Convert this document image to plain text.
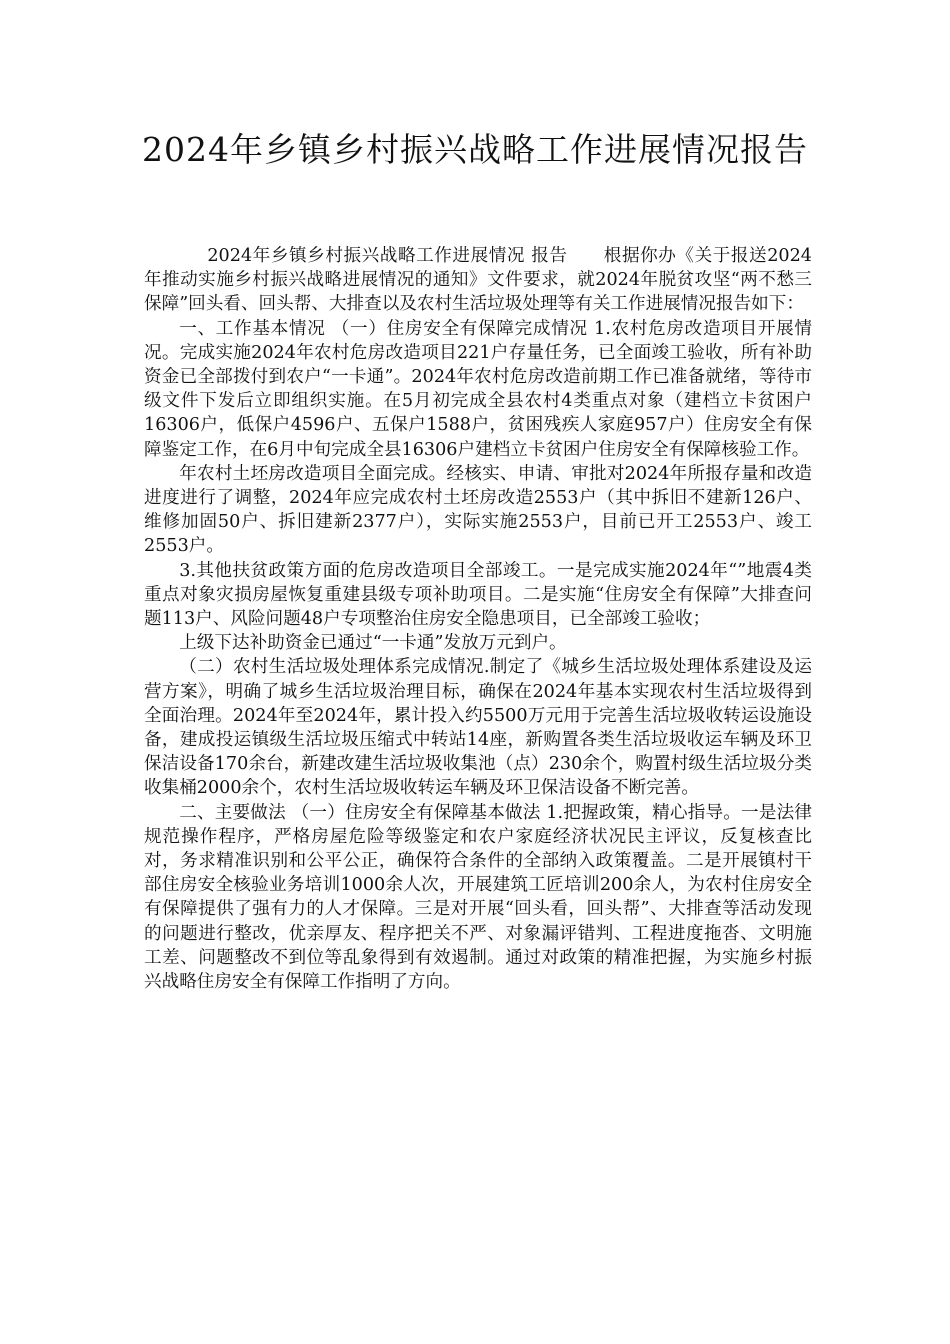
2024年乡镇乡村振兴战略工作进展情况报告

2024年乡镇乡村振兴战略工作进展情况 报告　　根据你办《关于报送2024年推动实施乡村振兴战略进展情况的通知》文件要求，就2024年脱贫攻坚“两不愁三保障”回头看、回头帮、大排查以及农村生活垃圾处理等有关工作进展情况报告如下：

一、工作基本情况 （一）住房安全有保障完成情况 1.农村危房改造项目开展情况。完成实施2024年农村危房改造项目221户存量任务，已全面竣工验收，所有补助资金已全部拨付到农户“一卡通”。2024年农村危房改造前期工作已准备就绪，等待市级文件下发后立即组织实施。在5月初完成全县农村4类重点对象（建档立卡贫困户16306户，低保户4596户、五保户1588户，贫困残疾人家庭957户）住房安全有保障鉴定工作，在6月中旬完成全县16306户建档立卡贫困户住房安全有保障核验工作。

年农村土坯房改造项目全面完成。经核实、申请、审批对2024年所报存量和改造进度进行了调整，2024年应完成农村土坯房改造2553户（其中拆旧不建新126户、维修加固50户、拆旧建新2377户），实际实施2553户，目前已开工2553户、竣工2553户。

3.其他扶贫政策方面的危房改造项目全部竣工。一是完成实施2024年“”地震4类重点对象灾损房屋恢复重建县级专项补助项目。二是实施“住房安全有保障”大排查问题113户、风险问题48户专项整治住房安全隐患项目，已全部竣工验收；

上级下达补助资金已通过“一卡通”发放万元到户。

（二）农村生活垃圾处理体系完成情况.制定了《城乡生活垃圾处理体系建设及运营方案》，明确了城乡生活垃圾治理目标，确保在2024年基本实现农村生活垃圾得到全面治理。2024年至2024年，累计投入约5500万元用于完善生活垃圾收转运设施设备，建成投运镇级生活垃圾压缩式中转站14座，新购置各类生活垃圾收运车辆及环卫保洁设备170余台，新建改建生活垃圾收集池（点）230余个，购置村级生活垃圾分类收集桶2000余个，农村生活垃圾收转运车辆及环卫保洁设备不断完善。

二、主要做法 （一）住房安全有保障基本做法 1.把握政策，精心指导。一是法律规范操作程序，严格房屋危险等级鉴定和农户家庭经济状况民主评议，反复核查比对，务求精准识别和公平公正，确保符合条件的全部纳入政策覆盖。二是开展镇村干部住房安全核验业务培训1000余人次，开展建筑工匠培训200余人，为农村住房安全有保障提供了强有力的人才保障。三是对开展“回头看，回头帮”、大排查等活动发现的问题进行整改，优亲厚友、程序把关不严、对象漏评错判、工程进度拖沓、文明施工差、问题整改不到位等乱象得到有效遏制。通过对政策的精准把握，为实施乡村振兴战略住房安全有保障工作指明了方向。
